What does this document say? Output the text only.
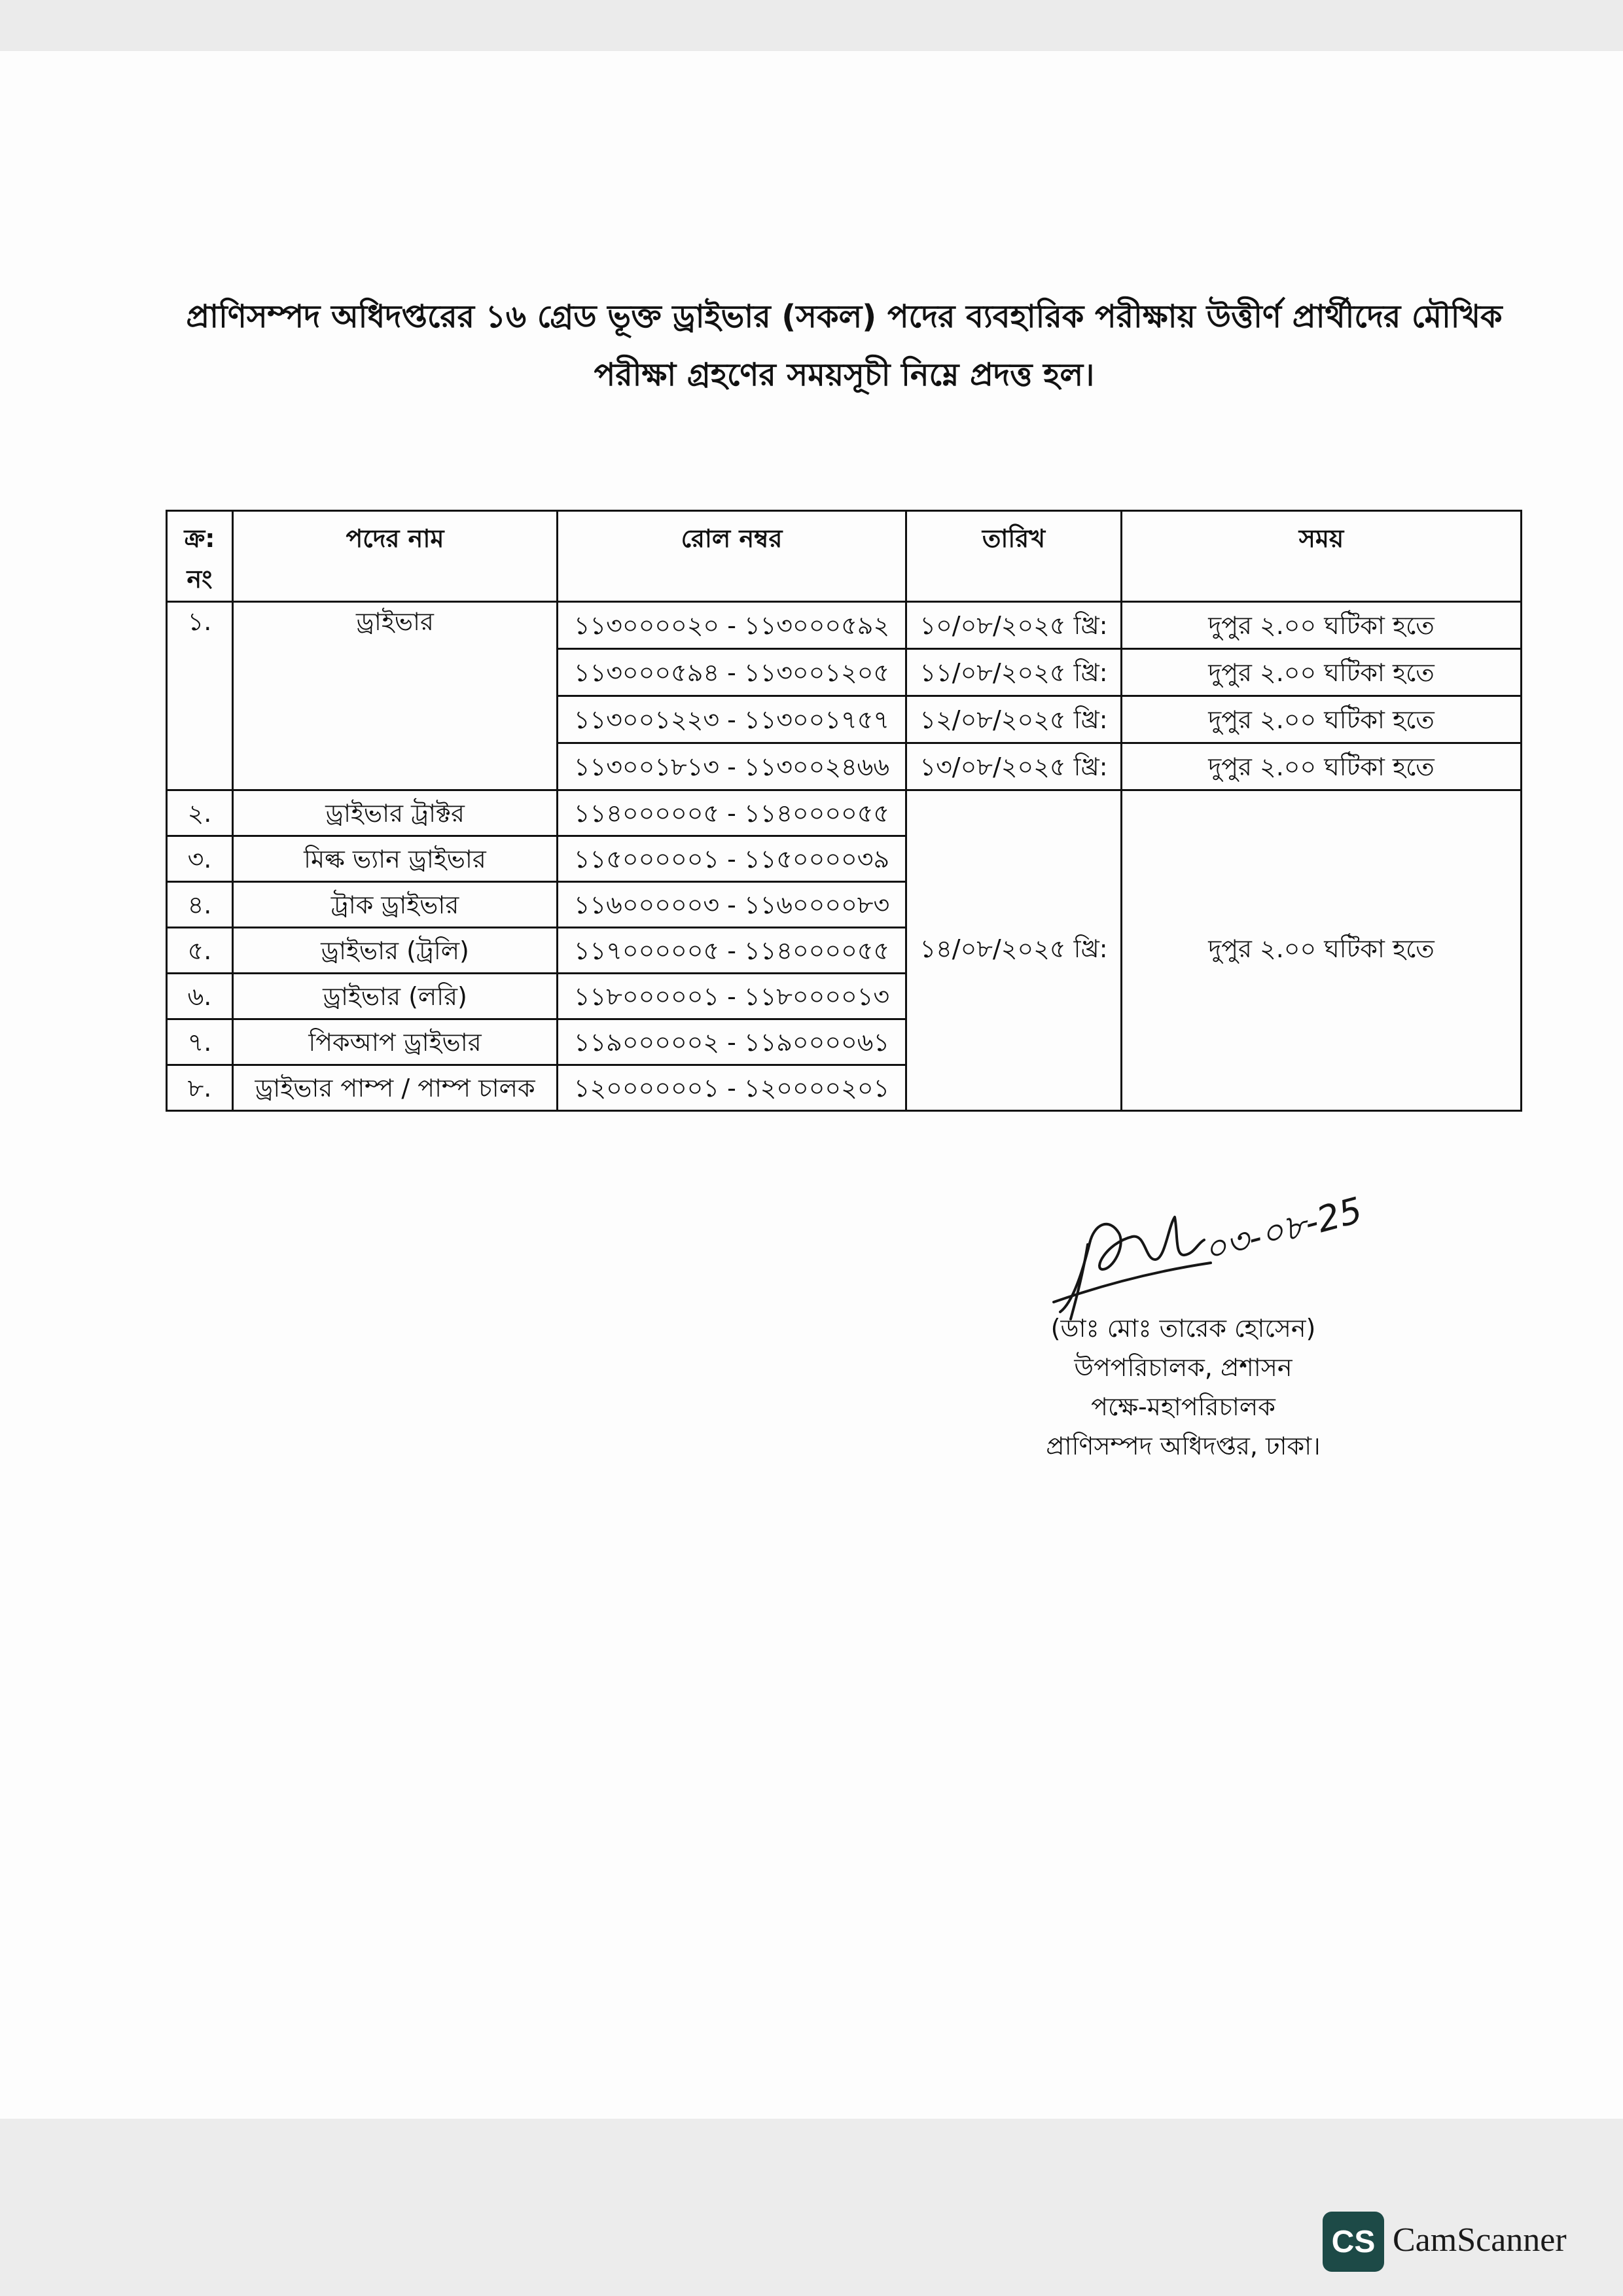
প্রাণিসম্পদ অধিদপ্তরের ১৬ গ্রেড ভূক্ত ড্রাইভার (সকল) পদের ব্যবহারিক পরীক্ষায় উত্তীর্ণ প্রার্থীদের মৌখিক
পরীক্ষা গ্রহণের সময়সূচী নিম্নে প্রদত্ত হল।
ক্র:
নং	পদের নাম	রোল নম্বর	তারিখ	সময়
১.	ড্রাইভার	১১৩০০০০২০ - ১১৩০০০৫৯২	১০/০৮/২০২৫ খ্রি:	দুপুর ২.০০ ঘটিকা হতে
		১১৩০০০৫৯৪ - ১১৩০০১২০৫	১১/০৮/২০২৫ খ্রি:	দুপুর ২.০০ ঘটিকা হতে
		১১৩০০১২২৩ - ১১৩০০১৭৫৭	১২/০৮/২০২৫ খ্রি:	দুপুর ২.০০ ঘটিকা হতে
		১১৩০০১৮১৩ - ১১৩০০২৪৬৬	১৩/০৮/২০২৫ খ্রি:	দুপুর ২.০০ ঘটিকা হতে
২.	ড্রাইভার ট্রাক্টর	১১৪০০০০০৫ - ১১৪০০০০৫৫	১৪/০৮/২০২৫ খ্রি:	দুপুর ২.০০ ঘটিকা হতে
৩.	মিল্ক ভ্যান ড্রাইভার	১১৫০০০০০১ - ১১৫০০০০৩৯		
৪.	ট্রাক ড্রাইভার	১১৬০০০০০৩ - ১১৬০০০০৮৩		
৫.	ড্রাইভার (ট্রলি)	১১৭০০০০০৫ - ১১৪০০০০৫৫		
৬.	ড্রাইভার (লরি)	১১৮০০০০০১ - ১১৮০০০০১৩		
৭.	পিকআপ ড্রাইভার	১১৯০০০০০২ - ১১৯০০০০৬১		
৮.	ড্রাইভার পাম্প / পাম্প চালক	১২০০০০০০১ - ১২০০০০২০১		
০৩-০৮-25
(ডাঃ মোঃ তারেক হোসেন)
উপপরিচালক, প্রশাসন
পক্ষে-মহাপরিচালক
প্রাণিসম্পদ অধিদপ্তর, ঢাকা।
CS CamScanner
